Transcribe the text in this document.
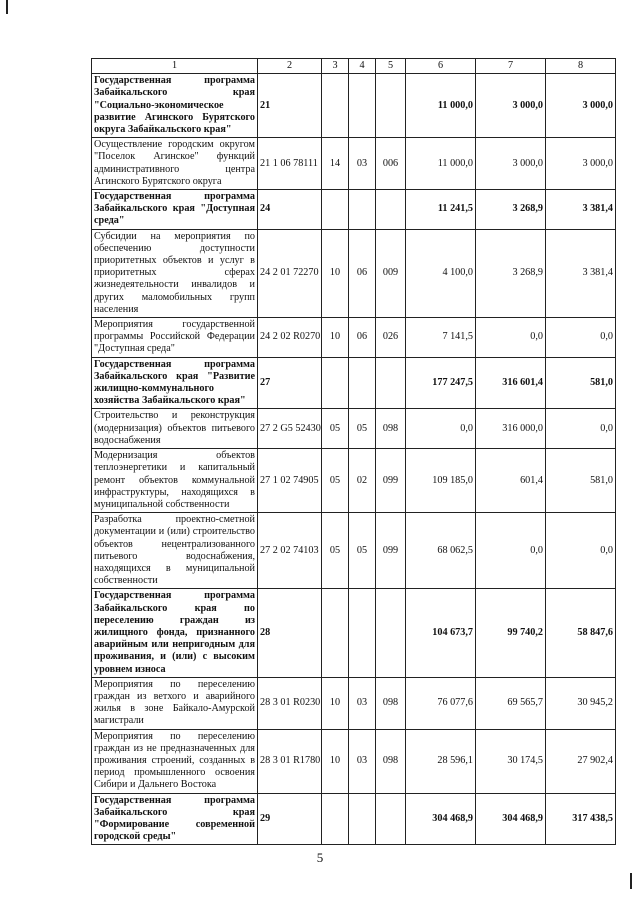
1	2	3	4	5	6	7	8
Государственная программа Забайкальского края "Социально-экономическое развитие Агинского Бурятского округа Забайкальского края"	21				11 000,0	3 000,0	3 000,0
Осуществление городским округом "Поселок Агинское" функций административного центра Агинского Бурятского округа	21 1 06 78111	14	03	006	11 000,0	3 000,0	3 000,0
Государственная программа Забайкальского края "Доступная среда"	24				11 241,5	3 268,9	3 381,4
Субсидии на мероприятия по обеспечению доступности приоритетных объектов и услуг в приоритетных сферах жизнедеятельности инвалидов и других маломобильных групп населения	24 2 01 72270	10	06	009	4 100,0	3 268,9	3 381,4
Мероприятия государственной программы Российской Федерации "Доступная среда"	24 2 02 R0270	10	06	026	7 141,5	0,0	0,0
Государственная программа Забайкальского края "Развитие жилищно-коммунального хозяйства Забайкальского края"	27				177 247,5	316 601,4	581,0
Строительство и реконструкция (модернизация) объектов питьевого водоснабжения	27 2 G5 52430	05	05	098	0,0	316 000,0	0,0
Модернизация объектов теплоэнергетики и капитальный ремонт объектов коммунальной инфраструктуры, находящихся в муниципальной собственности	27 1 02 74905	05	02	099	109 185,0	601,4	581,0
Разработка проектно-сметной документации и (или) строительство объектов нецентрализованного питьевого водоснабжения, находящихся в муниципальной собственности	27 2 02 74103	05	05	099	68 062,5	0,0	0,0
Государственная программа Забайкальского края по переселению граждан из жилищного фонда, признанного аварийным или непригодным для проживания, и (или) с высоким уровнем износа	28				104 673,7	99 740,2	58 847,6
Мероприятия по переселению граждан из ветхого и аварийного жилья в зоне Байкало-Амурской магистрали	28 3 01 R0230	10	03	098	76 077,6	69 565,7	30 945,2
Мероприятия по переселению граждан из не предназначенных для проживания строений, созданных в период промышленного освоения Сибири и Дальнего Востока	28 3 01 R1780	10	03	098	28 596,1	30 174,5	27 902,4
Государственная программа Забайкальского края "Формирование современной городской среды"	29				304 468,9	304 468,9	317 438,5
5
